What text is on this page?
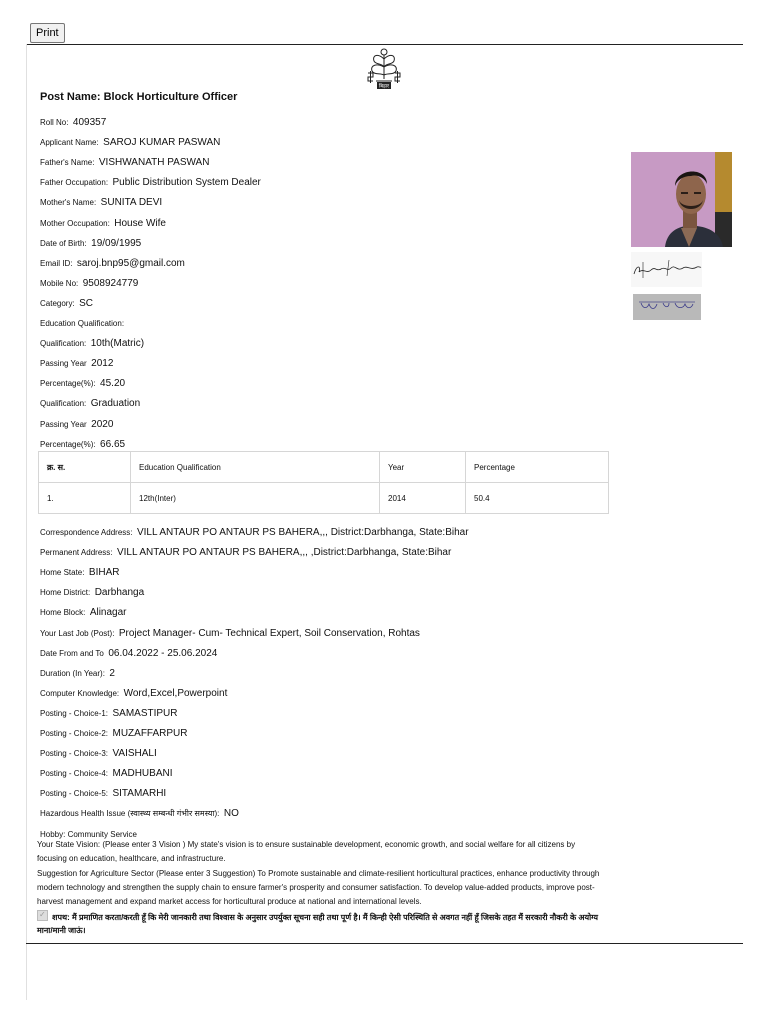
Print
बिहार
Post Name: Block Horticulture Officer
Roll No: 409357
Applicant Name: SAROJ KUMAR PASWAN
Father's Name: VISHWANATH PASWAN
Father Occupation: Public Distribution System Dealer
Mother's Name: SUNITA DEVI
Mother Occupation: House Wife
Date of Birth: 19/09/1995
Email ID: saroj.bnp95@gmail.com
Mobile No: 9508924779
Category: SC
Education Qualification:
Qualification: 10th(Matric)
Passing Year 2012
Percentage(%): 45.20
Qualification: Graduation
Passing Year 2020
Percentage(%): 66.65
क्र. स.	Education Qualification	Year	Percentage
1.	12th(Inter)	2014	50.4
Correspondence Address: VILL ANTAUR PO ANTAUR PS BAHERA,,, District:Darbhanga, State:Bihar
Permanent Address: VILL ANTAUR PO ANTAUR PS BAHERA,,, ,District:Darbhanga, State:Bihar
Home State: BIHAR
Home District: Darbhanga
Home Block: Alinagar
Your Last Job (Post): Project Manager- Cum- Technical Expert, Soil Conservation, Rohtas
Date From and To 06.04.2022 - 25.06.2024
Duration (In Year): 2
Computer Knowledge: Word,Excel,Powerpoint
Posting - Choice-1: SAMASTIPUR
Posting - Choice-2: MUZAFFARPUR
Posting - Choice-3: VAISHALI
Posting - Choice-4: MADHUBANI
Posting - Choice-5: SITAMARHI
Hazardous Health Issue (स्वास्थ्य सम्बन्धी गंभीर समस्या): NO
Hobby: Community Service
Your State Vision: (Please enter 3 Vision ) My state's vision is to ensure sustainable development, economic growth, and social welfare for all citizens by focusing on education, healthcare, and infrastructure.
Suggestion for Agriculture Sector (Please enter 3 Suggestion) To Promote sustainable and climate-resilient horticultural practices, enhance productivity through modern technology and strengthen the supply chain to ensure farmer's prosperity and consumer satisfaction. To develop value-added products, improve post-harvest management and expand market access for horticultural produce at national and international levels.
✓शपथ: मैं प्रमाणित करता/करती हूँ कि मेरी जानकारी तथा विश्वास के अनुसार उपर्युक्त सूचना सही तथा पूर्ण है। मैं किन्ही ऐसी परिस्थिति से अवगत नहीं हूँ जिसके तहत मैं सरकारी नौकरी के अयोग्य माना/मानी जाऊं।
